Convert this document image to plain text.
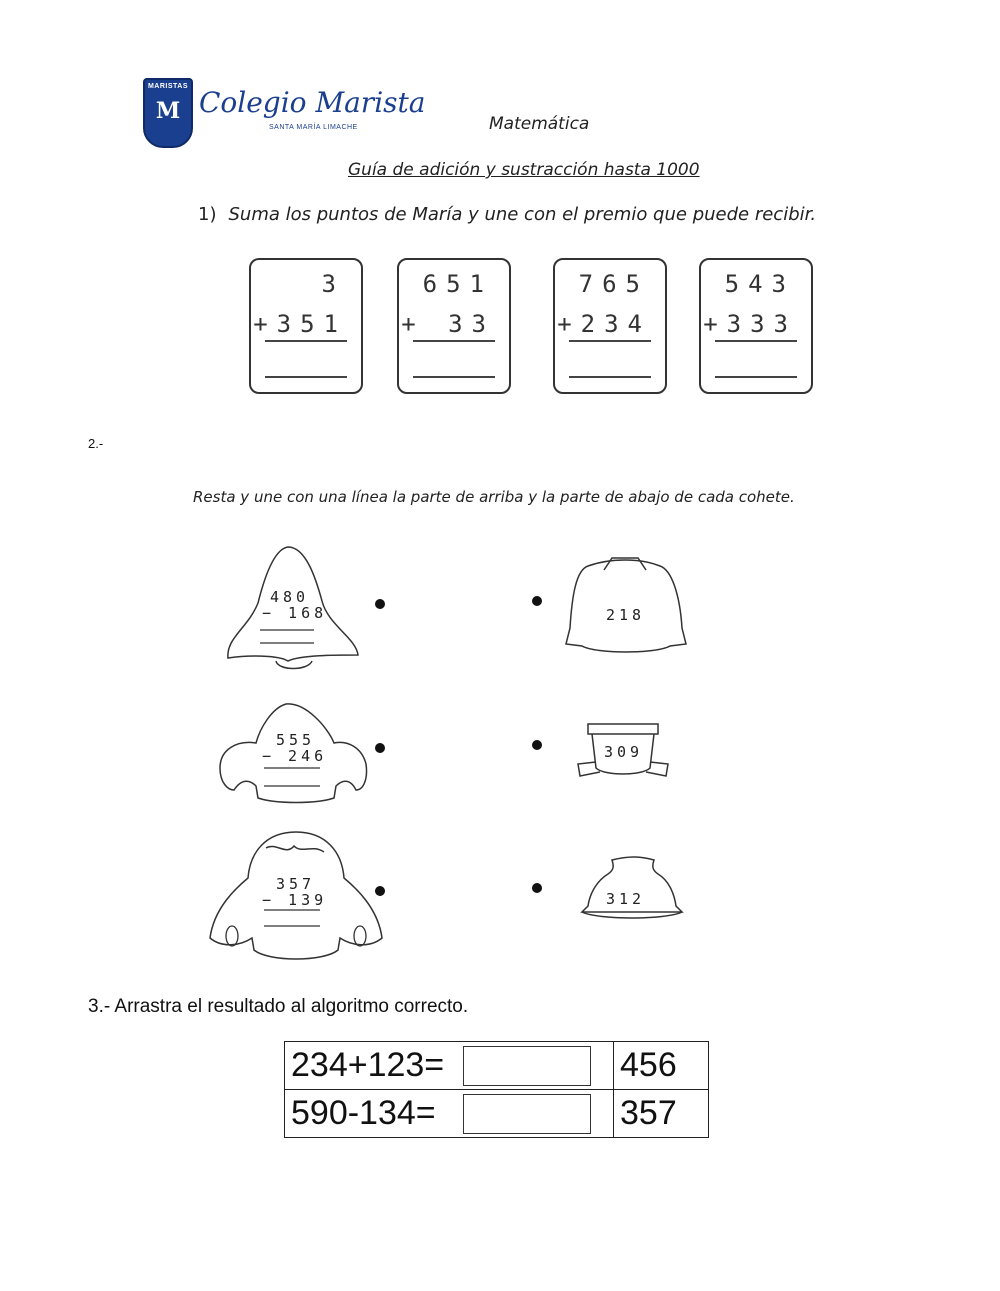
MARISTAS
M Colegio Marista
SANTA MARÍA LIMACHE	Matemática
Guía de adición y sustracción hasta 1000
1) Suma los puntos de María y une con el premio que puede recibir.
3
+351
651
+ 33
765
+234
543
+333
2.-
Resta y une con una línea la parte de arriba y la parte de abajo de cada cohete.
480
− 168
555
− 246
357
− 139
218
309
312
3.- Arrastra el resultado al algoritmo correcto.
234+123=	456
590-134=	357
